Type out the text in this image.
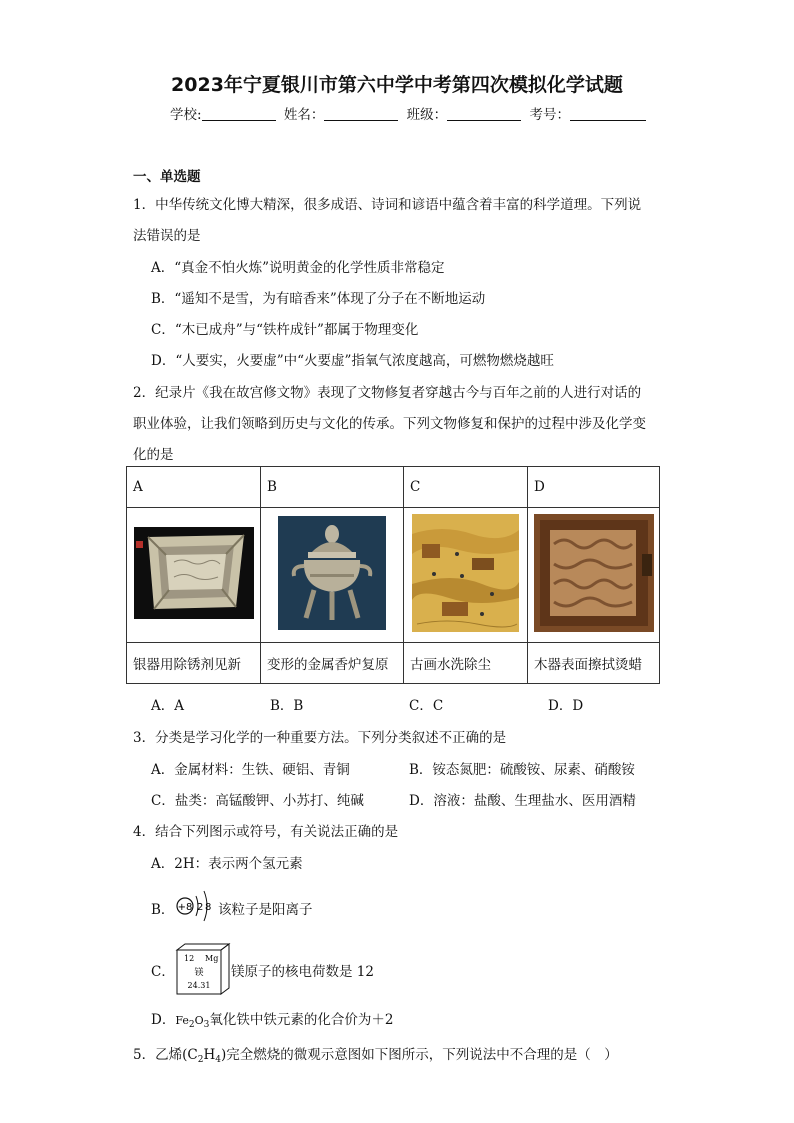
2023年宁夏银川市第六中学中考第四次模拟化学试题
学校:	姓名：	班级：	考号：
一、单选题
1．中华传统文化博大精深，很多成语、诗词和谚语中蕴含着丰富的科学道理。下列说
法错误的是
A．“真金不怕火炼”说明黄金的化学性质非常稳定
B．“遥知不是雪，为有暗香来”体现了分子在不断地运动
C．“木已成舟”与“铁杵成针”都属于物理变化
D．“人要实，火要虚”中“火要虚”指氧气浓度越高，可燃物燃烧越旺
2．纪录片《我在故宫修文物》表现了文物修复者穿越古今与百年之前的人进行对话的
职业体验，让我们领略到历史与文化的传承。下列文物修复和保护的过程中涉及化学变
化的是
A	B	C	D

银器用除锈剂见新	变形的金属香炉复原	古画水洗除尘	木器表面擦拭烫蜡
A．A	B．B	C．C	D．D
3．分类是学习化学的一种重要方法。下列分类叙述不正确的是
A．金属材料：生铁、硬铝、青铜	B．铵态氮肥：硫酸铵、尿素、硝酸铵
C．盐类：高锰酸钾、小苏打、纯碱	D．溶液：盐酸、生理盐水、医用酒精
4．结合下列图示或符号，有关说法正确的是
A．2H：表示两个氢元素
B． +8 2 8 该粒子是阳离子
C．
12 Mg
镁
24.31
镁原子的核电荷数是 12
D．$Fe_2O_3$氧化铁中铁元素的化合价为＋2
5．乙烯$(C_2H_4)$完全燃烧的微观示意图如下图所示，下列说法中不合理的是（　）
